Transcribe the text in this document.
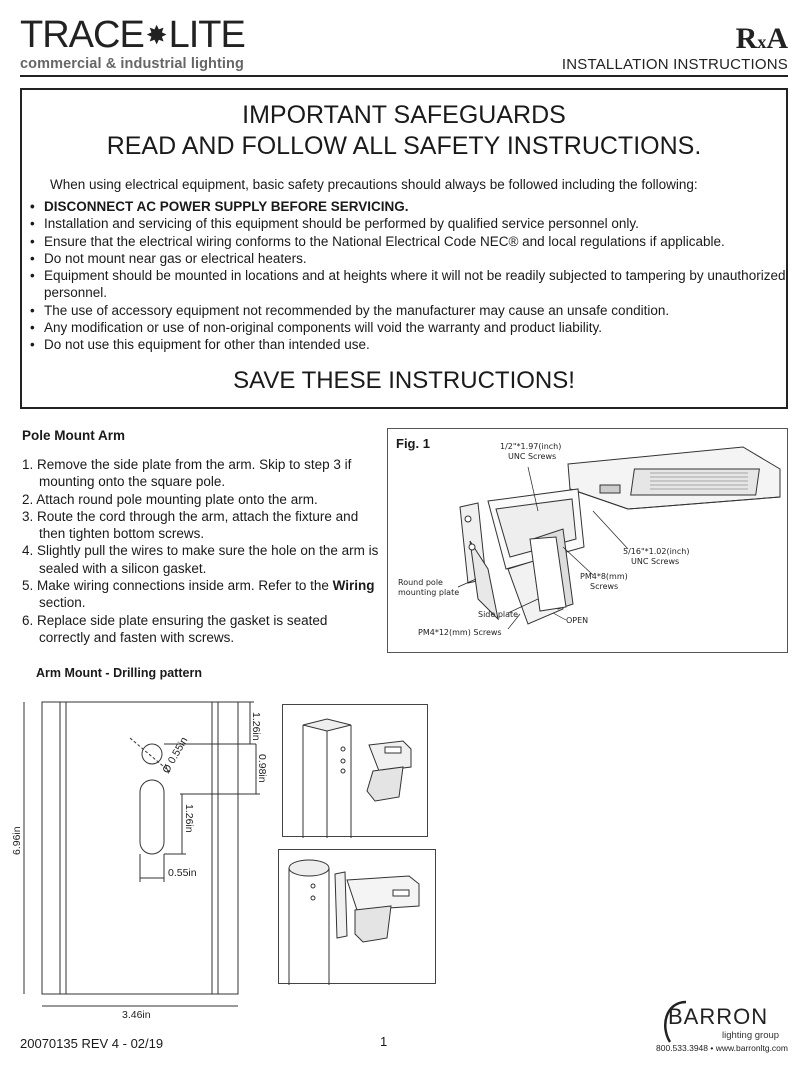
TRACE ✸ LITE
commercial & industrial lighting
RxA
INSTALLATION INSTRUCTIONS
IMPORTANT SAFEGUARDS
READ AND FOLLOW ALL SAFETY INSTRUCTIONS.
When using electrical equipment, basic safety precautions should always be followed including the following:
• DISCONNECT AC POWER SUPPLY BEFORE SERVICING.
• Installation and servicing of this equipment should be performed by qualified service personnel only.
• Ensure that the electrical wiring conforms to the National Electrical Code NEC® and local regulations if applicable.
• Do not mount near gas or electrical heaters.
• Equipment should be mounted in locations and at heights where it will not be readily subjected to tampering by unauthorized personnel.
• The use of accessory equipment not recommended by the manufacturer may cause an unsafe condition.
• Any modification or use of non-original components will void the warranty and product liability.
• Do not use this equipment for other than intended use.
SAVE THESE INSTRUCTIONS!
Pole Mount Arm
1. Remove the side plate from the arm. Skip to step 3 if mounting onto the square pole.
2. Attach round pole mounting plate onto the arm.
3. Route the cord through the arm, attach the fixture and then tighten bottom screws.
4. Slightly pull the wires to make sure the hole on the arm is sealed with a silicon gasket.
5. Make wiring connections inside arm. Refer to the Wiring section.
6. Replace side plate ensuring the gasket is seated correctly and fasten with screws.
Fig. 1	1/2"*1.97(inch)
UNC Screws
5/16"*1.02(inch)
UNC Screws
PM4*8(mm)
Screws
Round pole
mounting plate
Side plate
PM4*12(mm) Screws
OPEN
Arm Mount - Drilling pattern
6.96in
3.46in
Ø 0.55in
1.26in
0.98in
1.26in
0.55in
BARRON
lighting group
800.533.3948 • www.barronltg.com
20070135 REV 4 - 02/19	1
